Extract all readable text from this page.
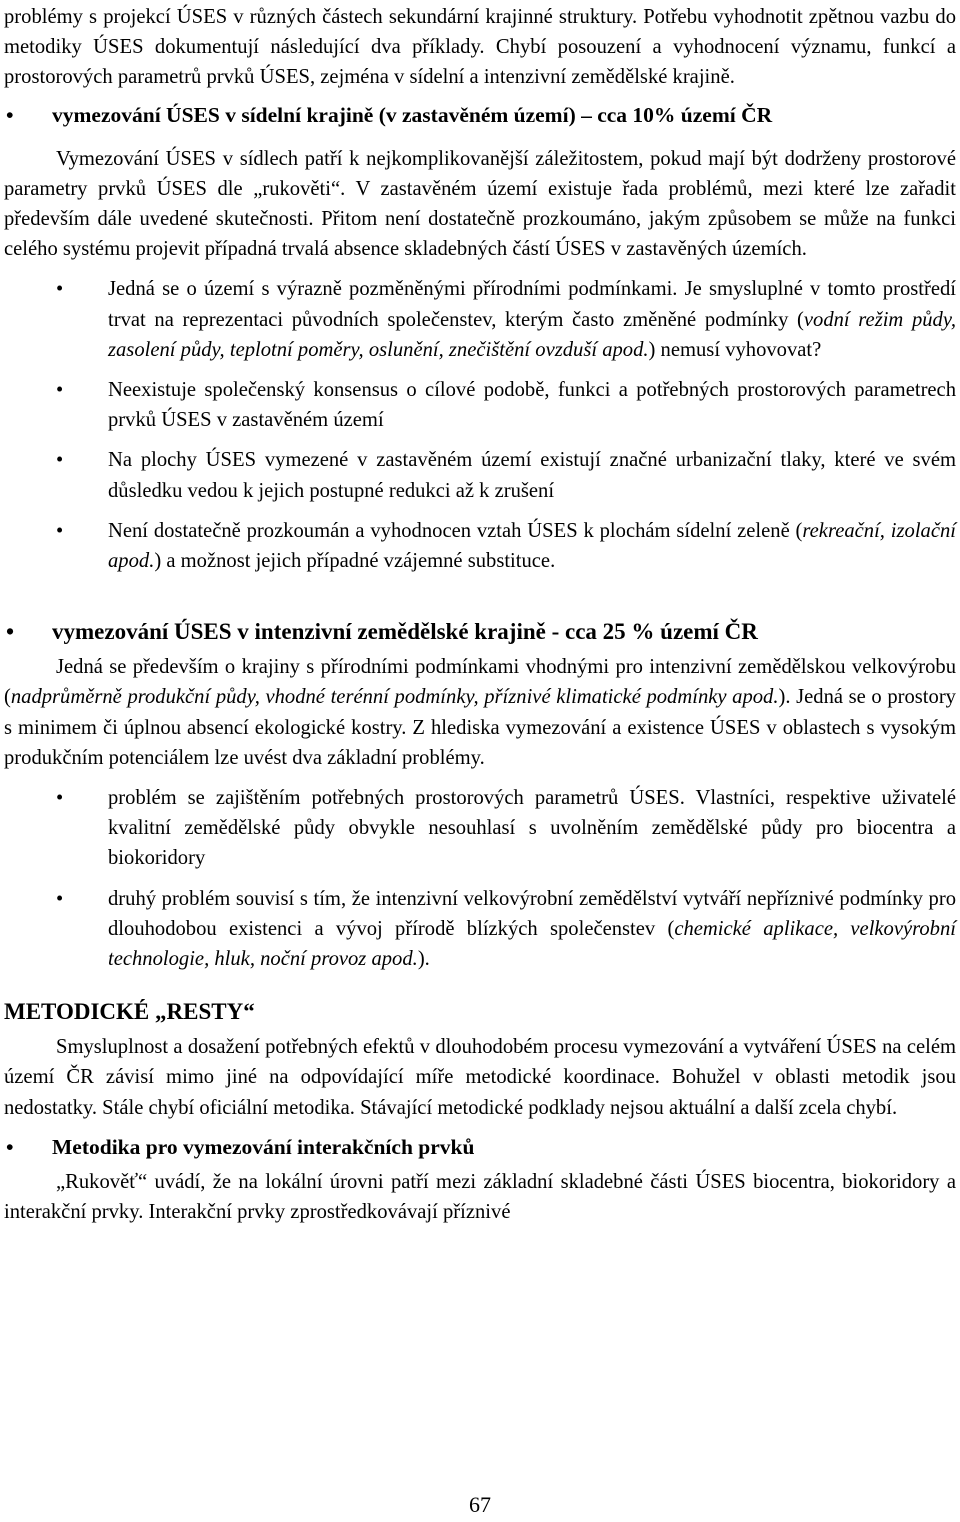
problémy s projekcí ÚSES v různých částech sekundární krajinné struktury. Potřebu vyhodnotit zpětnou vazbu do metodiky ÚSES dokumentují následující dva příklady. Chybí posouzení a vyhodnocení významu, funkcí a prostorových parametrů prvků ÚSES, zejména v sídelní a intenzivní zemědělské krajině.

•	vymezování ÚSES v sídelní krajině (v zastavěném území) – cca 10% území ČR

Vymezování ÚSES v sídlech patří k nejkomplikovanější záležitostem, pokud mají být dodrženy prostorové parametry prvků ÚSES dle „rukověti“. V zastavěném území existuje řada problémů, mezi které lze zařadit především dále uvedené skutečnosti. Přitom není dostatečně prozkoumáno, jakým způsobem se může na funkci celého systému projevit případná trvalá absence skladebných částí ÚSES v zastavěných územích.

•	Jedná se o území s výrazně pozměněnými přírodními podmínkami. Je smysluplné v tomto prostředí trvat na reprezentaci původních společenstev, kterým často změněné podmínky (vodní režim půdy, zasolení půdy, teplotní poměry, oslunění, znečištění ovzduší apod.) nemusí vyhovovat?
•	Neexistuje společenský konsensus o cílové podobě, funkci a potřebných prostorových parametrech prvků ÚSES v zastavěném území
•	Na plochy ÚSES vymezené v zastavěném území existují značné urbanizační tlaky, které ve svém důsledku vedou k jejich postupné redukci až k zrušení
•	Není dostatečně prozkoumán a vyhodnocen vztah ÚSES k plochám sídelní zeleně (rekreační, izolační apod.) a možnost jejich případné vzájemné substituce.
•	vymezování ÚSES v intenzivní zemědělské krajině - cca 25 % území ČR

Jedná se především o krajiny s přírodními podmínkami vhodnými pro intenzivní zemědělskou velkovýrobu (nadprůměrně produkční půdy, vhodné terénní podmínky, příznivé klimatické podmínky apod.). Jedná se o prostory s minimem či úplnou absencí ekologické kostry. Z hlediska vymezování a existence ÚSES v oblastech s vysokým produkčním potenciálem lze uvést dva základní problémy.

•	problém se zajištěním potřebných prostorových parametrů ÚSES. Vlastníci, respektive uživatelé kvalitní zemědělské půdy obvykle nesouhlasí s uvolněním zemědělské půdy pro biocentra a biokoridory
•	druhý problém souvisí s tím, že intenzivní velkovýrobní zemědělství vytváří nepříznivé podmínky pro dlouhodobou existenci a vývoj přírodě blízkých společenstev (chemické aplikace, velkovýrobní technologie, hluk, noční provoz apod.).
METODICKÉ „RESTY“

Smysluplnost a dosažení potřebných efektů v dlouhodobém procesu vymezování a vytváření ÚSES na celém území ČR závisí mimo jiné na odpovídající míře metodické koordinace. Bohužel v oblasti metodik jsou nedostatky. Stále chybí oficiální metodika. Stávající metodické podklady nejsou aktuální a další zcela chybí.

•	Metodika pro vymezování interakčních prvků

„Rukověť“ uvádí, že na lokální úrovni patří mezi základní skladebné části ÚSES biocentra, biokoridory a interakční prvky. Interakční prvky zprostředkovávají příznivé

67
